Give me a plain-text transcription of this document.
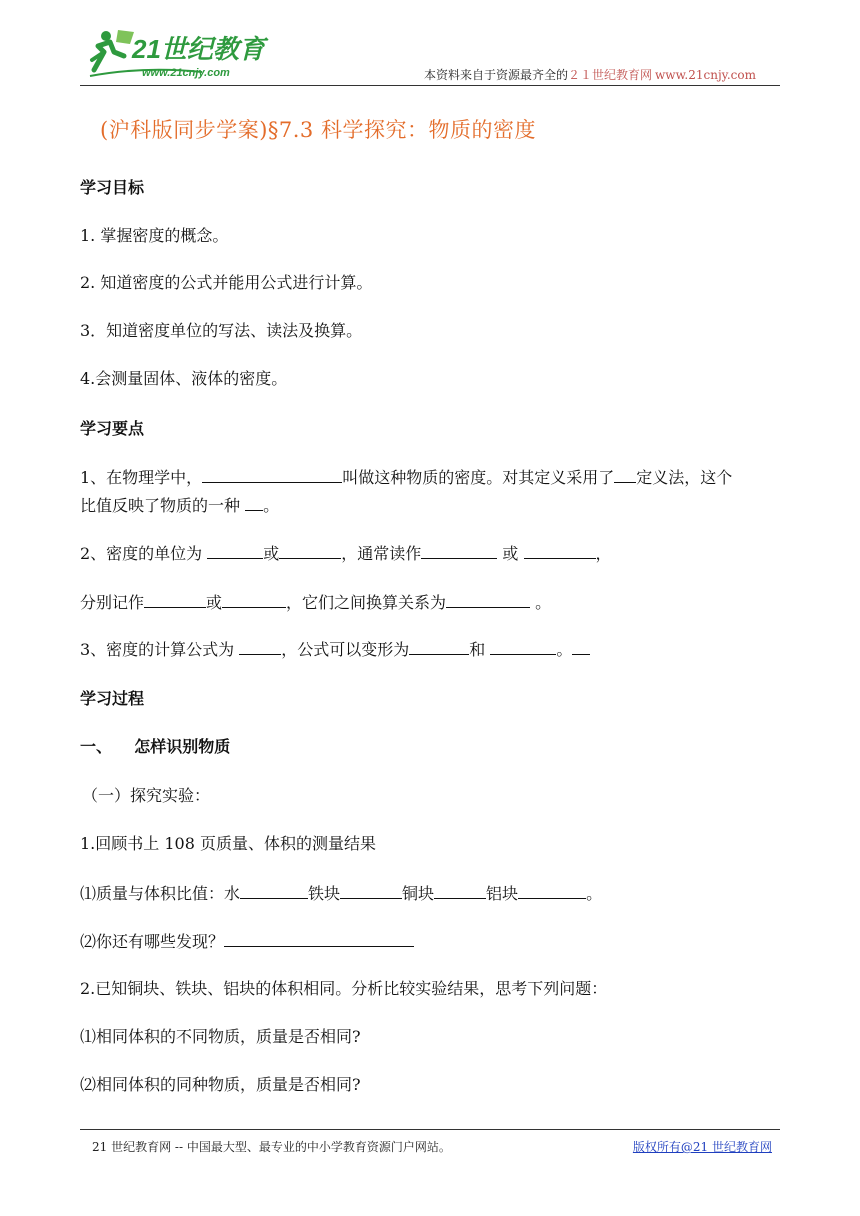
21世纪教育
www.21cnjy.com	本资料来自于资源最齐全的２１世纪教育网 www.21cnjy.com
(沪科版同步学案)§7.3 科学探究：物质的密度
学习目标
1. 掌握密度的概念。
2. 知道密度的公式并能用公式进行计算。
3．知道密度单位的写法、读法及换算。
4.会测量固体、液体的密度。
学习要点
1、在物理学中，	叫做这种物质的密度。对其定义采用了 定义法，这个
比值反映了物质的一种 。
2、密度的单位为	或	，通常读作	或	，
分别记作	或	，它们之间换算关系为	。
3、密度的计算公式为	，公式可以变形为	和	。
学习过程
一、    怎样识别物质
（一）探究实验：
1.回顾书上 108 页质量、体积的测量结果
⑴质量与体积比值：水	铁块	铜块	铝块	。
⑵你还有哪些发现？
2.已知铜块、铁块、铝块的体积相同。分析比较实验结果，思考下列问题：
⑴相同体积的不同物质，质量是否相同?
⑵相同体积的同种物质，质量是否相同?
21 世纪教育网 -- 中国最大型、最专业的中小学教育资源门户网站。	版权所有@21 世纪教育网
